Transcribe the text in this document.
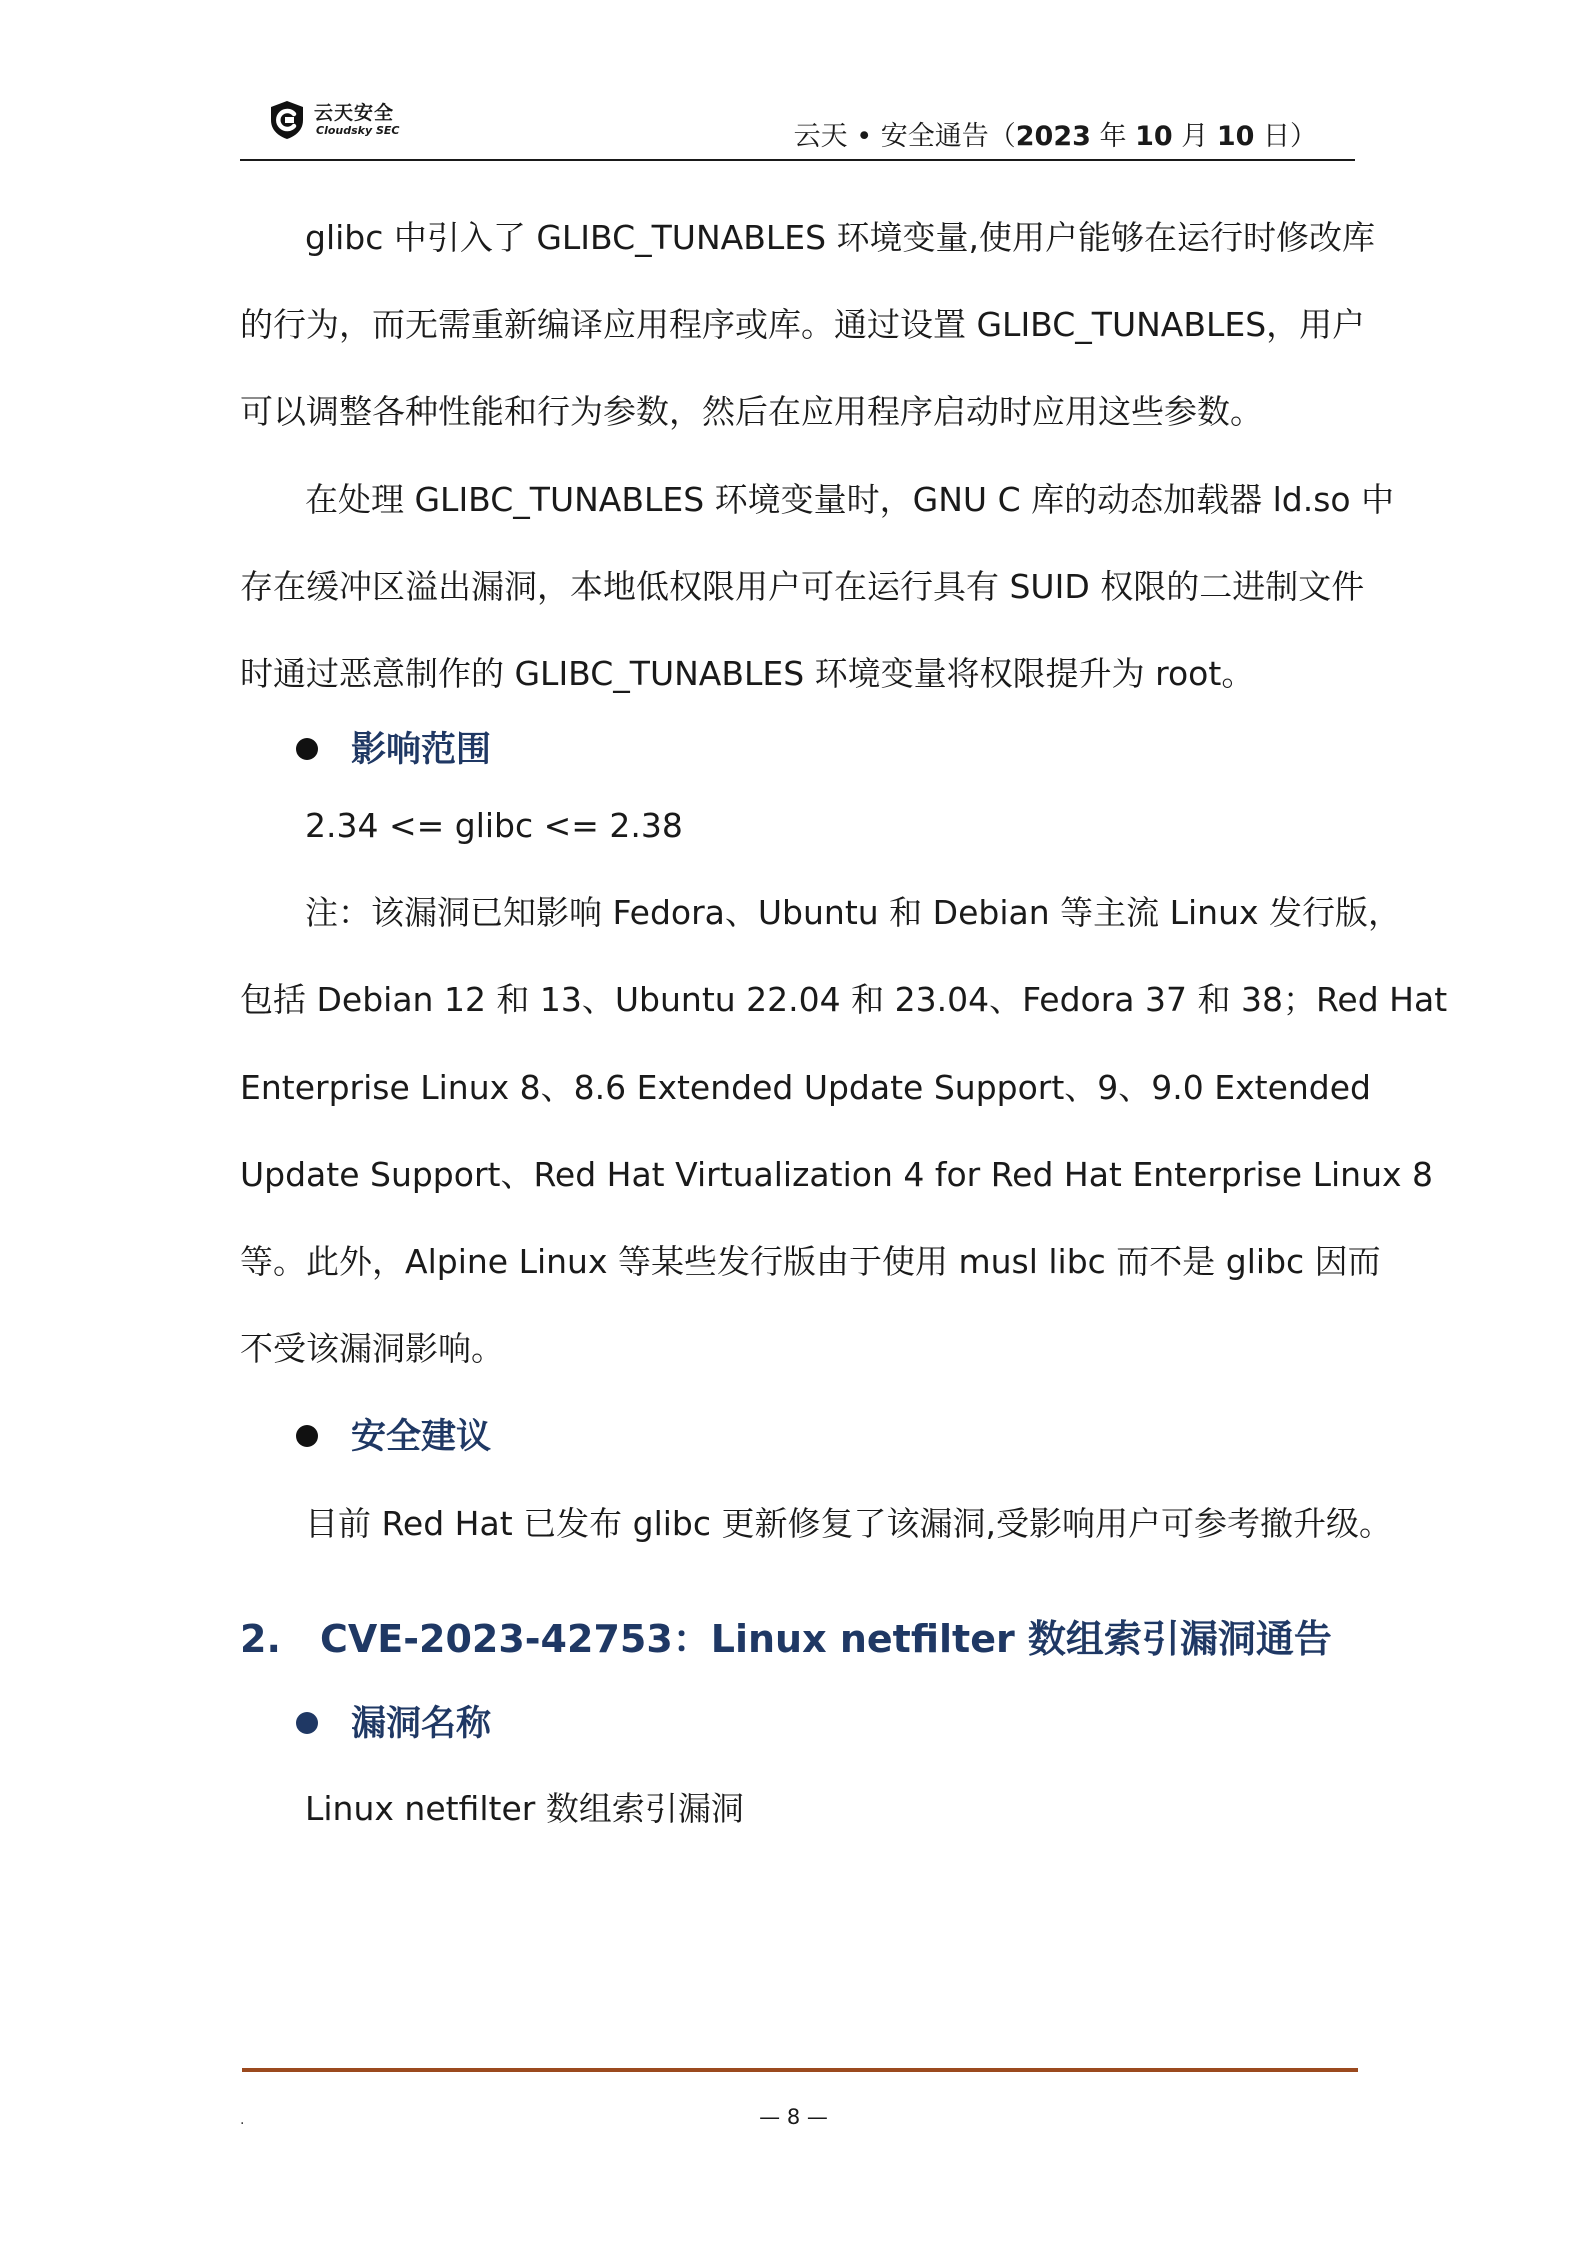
云天安全
Cloudsky SEC	云天 • 安全通告（2023 年 10 月 10 日）
glibc 中引入了 GLIBC_TUNABLES 环境变量,使用户能够在运行时修改库
的行为，而无需重新编译应用程序或库。通过设置 GLIBC_TUNABLES，用户
可以调整各种性能和行为参数，然后在应用程序启动时应用这些参数。
在处理 GLIBC_TUNABLES 环境变量时，GNU C 库的动态加载器 ld.so 中
存在缓冲区溢出漏洞，本地低权限用户可在运行具有 SUID 权限的二进制文件
时通过恶意制作的 GLIBC_TUNABLES 环境变量将权限提升为 root。
影响范围
2.34 <= glibc <= 2.38
注：该漏洞已知影响 Fedora、Ubuntu 和 Debian 等主流 Linux 发行版，
包括 Debian 12 和 13、Ubuntu 22.04 和 23.04、Fedora 37 和 38；Red Hat
Enterprise Linux 8、8.6 Extended Update Support、9、9.0 Extended
Update Support、Red Hat Virtualization 4 for Red Hat Enterprise Linux 8
等。此外，Alpine Linux 等某些发行版由于使用 musl libc 而不是 glibc 因而
不受该漏洞影响。
安全建议
目前 Red Hat 已发布 glibc 更新修复了该漏洞,受影响用户可参考撤升级。
2. CVE-2023-42753：Linux netfilter 数组索引漏洞通告
漏洞名称
Linux netfilter 数组索引漏洞
.	— 8 —
